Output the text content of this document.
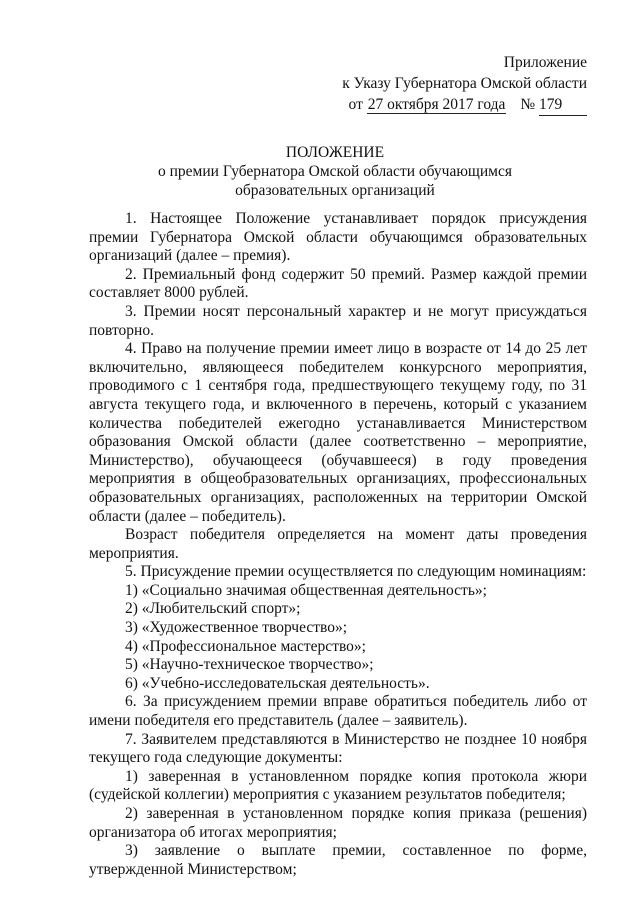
Приложение
к Указу Губернатора Омской области
от 27 октября 2017 года № 179
ПОЛОЖЕНИЕ
о премии Губернатора Омской области обучающимся
образовательных организаций

1. Настоящее Положение устанавливает порядок присуждения премии Губернатора Омской области обучающимся образовательных организаций (далее – премия).

2. Премиальный фонд содержит 50 премий. Размер каждой премии составляет 8000 рублей.

3. Премии носят персональный характер и не могут присуждаться повторно.

4. Право на получение премии имеет лицо в возрасте от 14 до 25 лет включительно, являющееся победителем конкурсного мероприятия, проводимого с 1 сентября года, предшествующего текущему году, по 31 августа текущего года, и включенного в перечень, который с указанием количества победителей ежегодно устанавливается Министерством образования Омской области (далее соответственно – мероприятие, Министерство), обучающееся (обучавшееся) в году проведения мероприятия в общеобразовательных организациях, профессиональных образовательных организациях, расположенных на территории Омской области (далее – победитель).

Возраст победителя определяется на момент даты проведения мероприятия.

5. Присуждение премии осуществляется по следующим номинациям:

1) «Социально значимая общественная деятельность»;

2) «Любительский спорт»;

3) «Художественное творчество»;

4) «Профессиональное мастерство»;

5) «Научно-техническое творчество»;

6) «Учебно-исследовательская деятельность».

6. За присуждением премии вправе обратиться победитель либо от имени победителя его представитель (далее – заявитель).

7. Заявителем представляются в Министерство не позднее 10 ноября текущего года следующие документы:

1) заверенная в установленном порядке копия протокола жюри (судейской коллегии) мероприятия с указанием результатов победителя;

2) заверенная в установленном порядке копия приказа (решения) организатора об итогах мероприятия;

3) заявление о выплате премии, составленное по форме, утвержденной Министерством;
